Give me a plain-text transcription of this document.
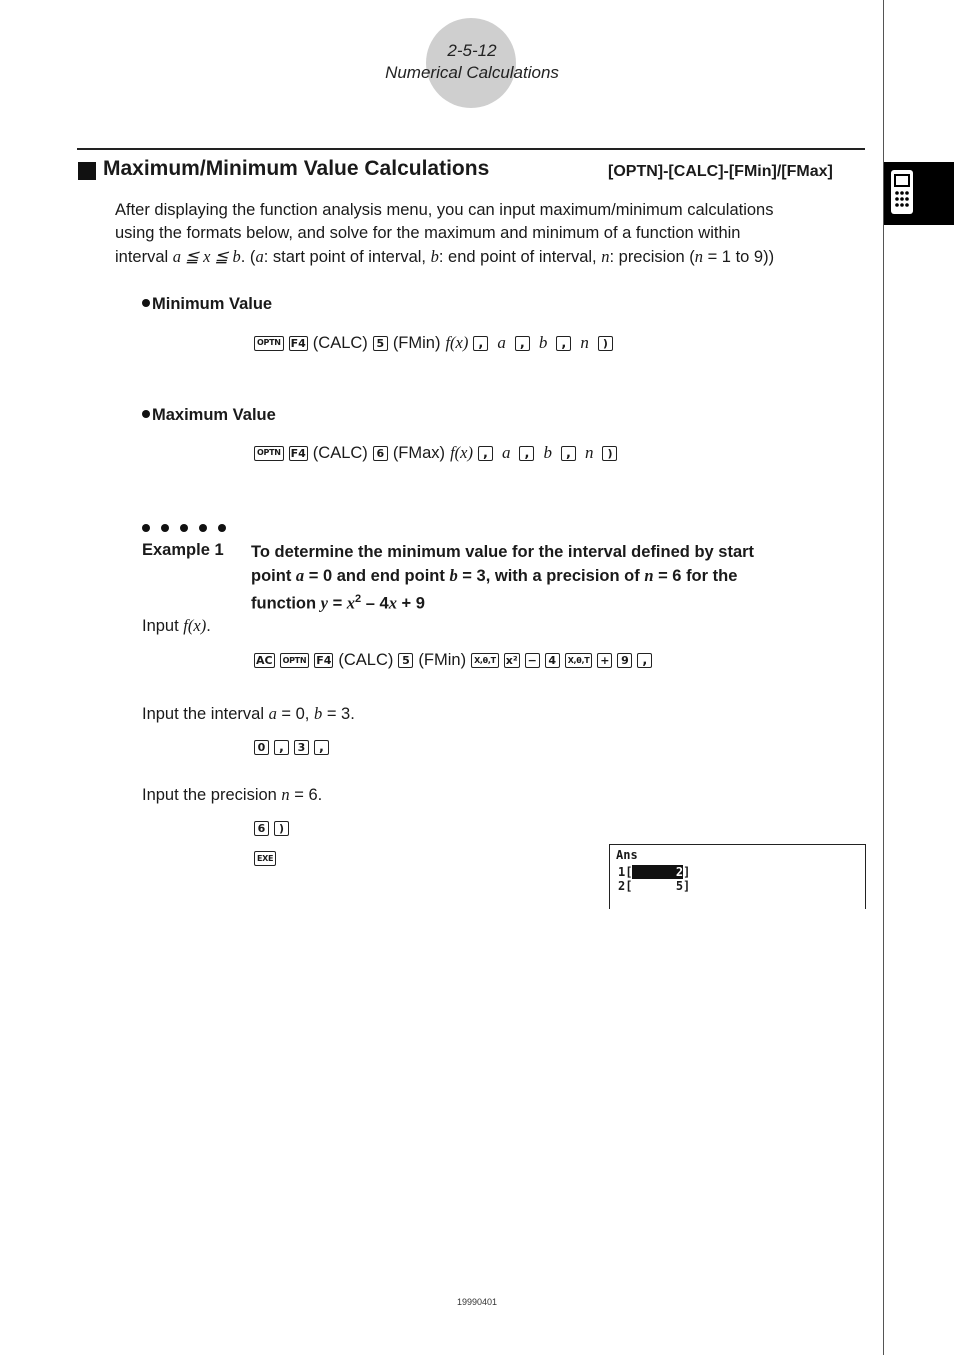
2-5-12
Numerical Calculations
Maximum/Minimum Value Calculations	[OPTN]-[CALC]-[FMin]/[FMax]
After displaying the function analysis menu, you can input maximum/minimum calculations
using the formats below, and solve for the maximum and minimum of a function within
interval a ≦ x ≦ b. (a: start point of interval, b: end point of interval, n: precision (n = 1 to 9))
Minimum Value
OPTN F4 (CALC) 5 (FMin) f(x) , a	, b	, n	)
Maximum Value
OPTN F4 (CALC) 6 (FMax) f(x) , a	, b	, n	)
Example 1 To determine the minimum value for the interval defined by start
point a = 0 and end point b = 3, with a precision of n = 6 for the
function $y = x^2 - 4x + 9$
Input f(x).
AC	OPTN F4 (CALC) 5 (FMin)	X,θ,T x² −	4	X,θ,T +	9	,
Input the interval a = 0, b = 3.
0	,	3	,
Input the precision n = 6.
6	)
EXE	Ans
1[	2]
2[      5]
19990401
